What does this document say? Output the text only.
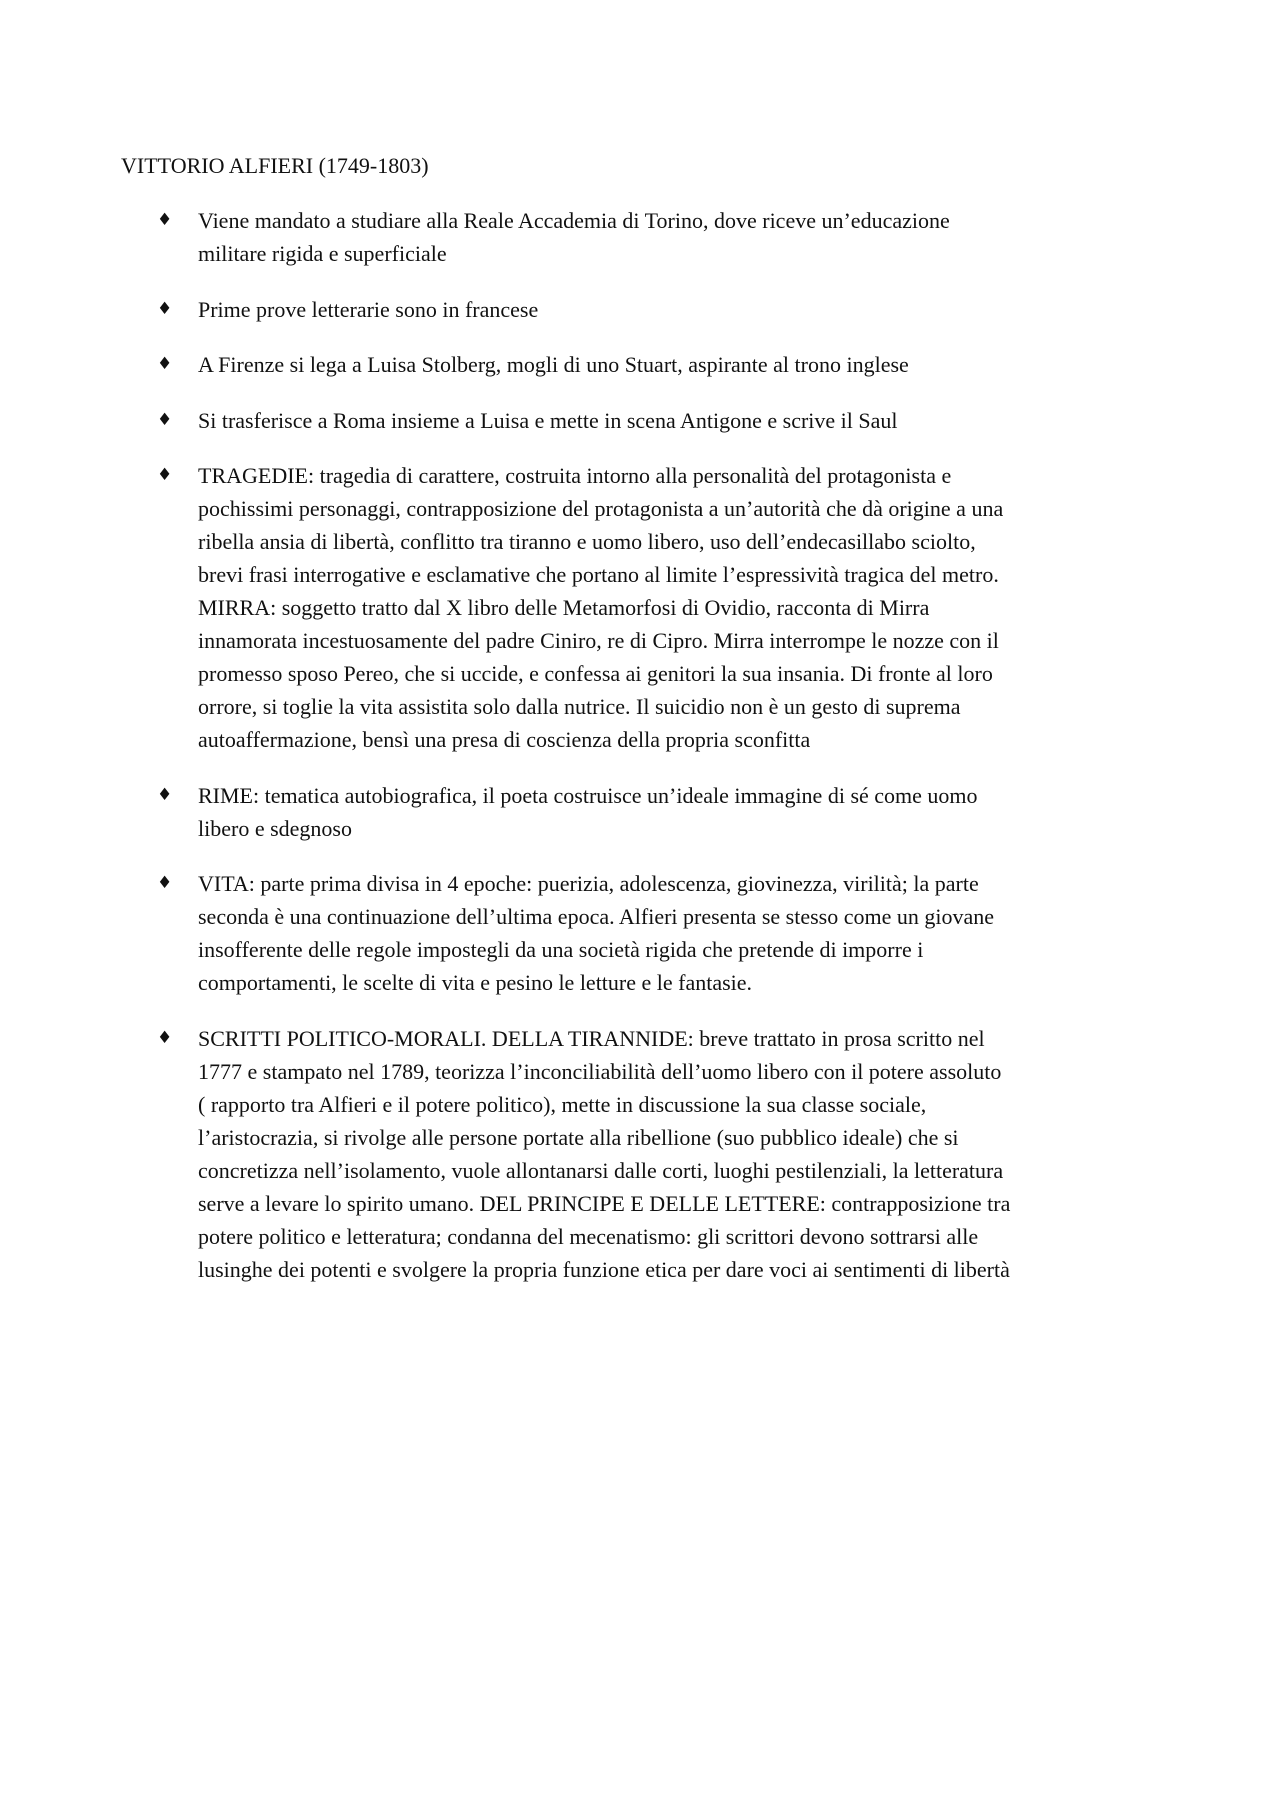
VITTORIO ALFIERI (1749-1803)
♦ Viene mandato a studiare alla Reale Accademia di Torino, dove riceve un’educazione
militare rigida e superficiale
♦ Prime prove letterarie sono in francese
♦ A Firenze si lega a Luisa Stolberg, mogli di uno Stuart, aspirante al trono inglese
♦ Si trasferisce a Roma insieme a Luisa e mette in scena Antigone e scrive il Saul
♦ TRAGEDIE: tragedia di carattere, costruita intorno alla personalità del protagonista e
pochissimi personaggi, contrapposizione del protagonista a un’autorità che dà origine a una
ribella ansia di libertà, conflitto tra tiranno e uomo libero, uso dell’endecasillabo sciolto,
brevi frasi interrogative e esclamative che portano al limite l’espressività tragica del metro.
MIRRA: soggetto tratto dal X libro delle Metamorfosi di Ovidio, racconta di Mirra
innamorata incestuosamente del padre Ciniro, re di Cipro. Mirra interrompe le nozze con il
promesso sposo Pereo, che si uccide, e confessa ai genitori la sua insania. Di fronte al loro
orrore, si toglie la vita assistita solo dalla nutrice. Il suicidio non è un gesto di suprema
autoaffermazione, bensì una presa di coscienza della propria sconfitta
♦ RIME: tematica autobiografica, il poeta costruisce un’ideale immagine di sé come uomo
libero e sdegnoso
♦ VITA: parte prima divisa in 4 epoche: puerizia, adolescenza, giovinezza, virilità; la parte
seconda è una continuazione dell’ultima epoca. Alfieri presenta se stesso come un giovane
insofferente delle regole impostegli da una società rigida che pretende di imporre i
comportamenti, le scelte di vita e pesino le letture e le fantasie.
♦ SCRITTI POLITICO-MORALI. DELLA TIRANNIDE: breve trattato in prosa scritto nel
1777 e stampato nel 1789, teorizza l’inconciliabilità dell’uomo libero con il potere assoluto
( rapporto tra Alfieri e il potere politico), mette in discussione la sua classe sociale,
l’aristocrazia, si rivolge alle persone portate alla ribellione (suo pubblico ideale) che si
concretizza nell’isolamento, vuole allontanarsi dalle corti, luoghi pestilenziali, la letteratura
serve a levare lo spirito umano. DEL PRINCIPE E DELLE LETTERE: contrapposizione tra
potere politico e letteratura; condanna del mecenatismo: gli scrittori devono sottrarsi alle
lusinghe dei potenti e svolgere la propria funzione etica per dare voci ai sentimenti di libertà
